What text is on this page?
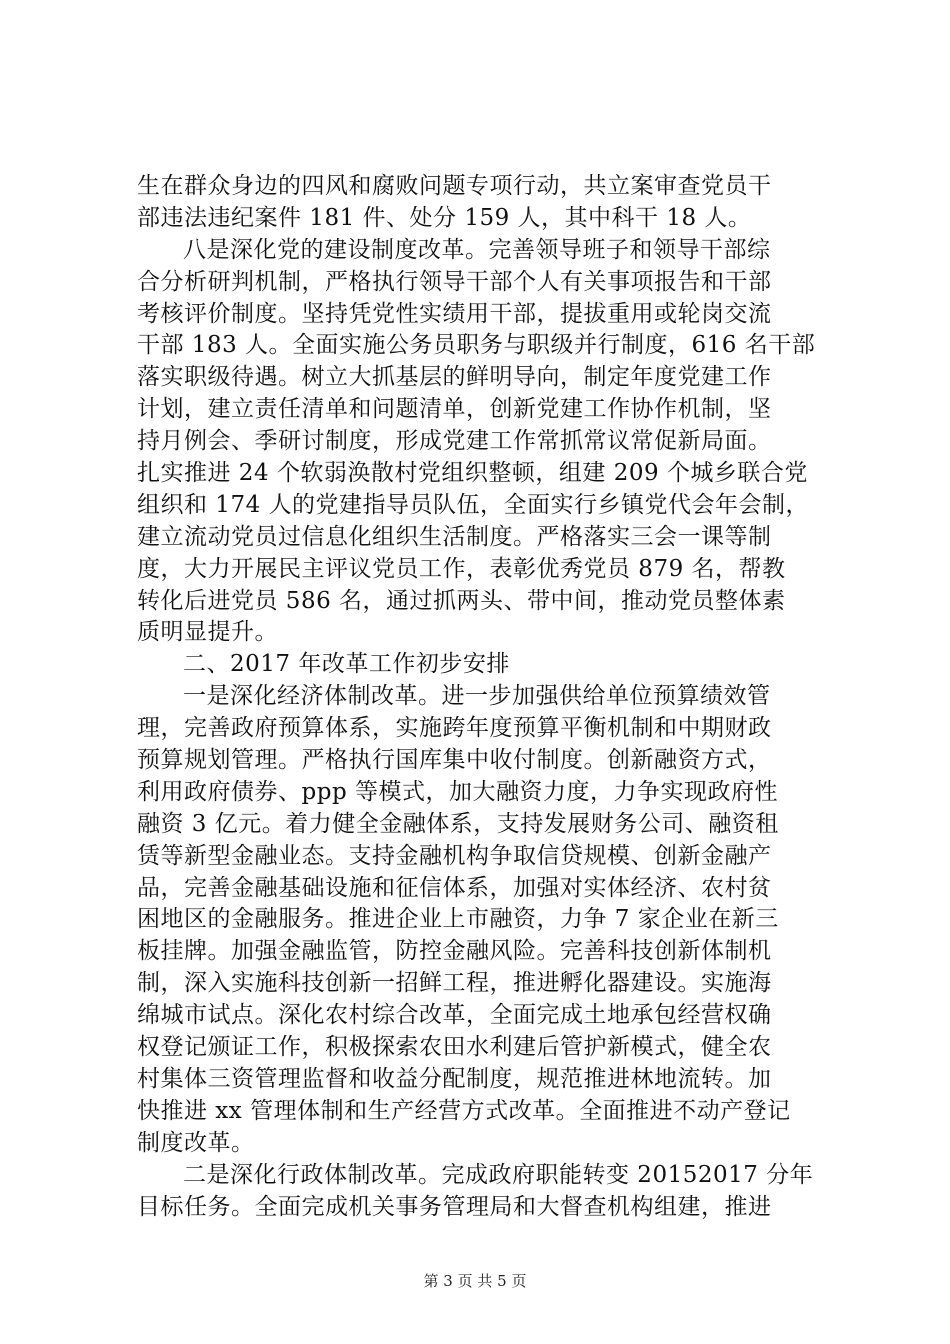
生在群众身边的四风和腐败问题专项行动，共立案审查党员干
部违法违纪案件 181 件、处分 159 人，其中科干 18 人。
八是深化党的建设制度改革。完善领导班子和领导干部综
合分析研判机制，严格执行领导干部个人有关事项报告和干部
考核评价制度。坚持凭党性实绩用干部，提拔重用或轮岗交流
干部 183 人。全面实施公务员职务与职级并行制度，616 名干部
落实职级待遇。树立大抓基层的鲜明导向，制定年度党建工作
计划，建立责任清单和问题清单，创新党建工作协作机制，坚
持月例会、季研讨制度，形成党建工作常抓常议常促新局面。
扎实推进 24 个软弱涣散村党组织整顿，组建 209 个城乡联合党
组织和 174 人的党建指导员队伍，全面实行乡镇党代会年会制，
建立流动党员过信息化组织生活制度。严格落实三会一课等制
度，大力开展民主评议党员工作，表彰优秀党员 879 名，帮教
转化后进党员 586 名，通过抓两头、带中间，推动党员整体素
质明显提升。
二、2017 年改革工作初步安排
一是深化经济体制改革。进一步加强供给单位预算绩效管
理，完善政府预算体系，实施跨年度预算平衡机制和中期财政
预算规划管理。严格执行国库集中收付制度。创新融资方式，
利用政府债券、ppp 等模式，加大融资力度，力争实现政府性
融资 3 亿元。着力健全金融体系，支持发展财务公司、融资租
赁等新型金融业态。支持金融机构争取信贷规模、创新金融产
品，完善金融基础设施和征信体系，加强对实体经济、农村贫
困地区的金融服务。推进企业上市融资，力争 7 家企业在新三
板挂牌。加强金融监管，防控金融风险。完善科技创新体制机
制，深入实施科技创新一招鲜工程，推进孵化器建设。实施海
绵城市试点。深化农村综合改革，全面完成土地承包经营权确
权登记颁证工作，积极探索农田水利建后管护新模式，健全农
村集体三资管理监督和收益分配制度，规范推进林地流转。加
快推进 xx 管理体制和生产经营方式改革。全面推进不动产登记
制度改革。
二是深化行政体制改革。完成政府职能转变 20152017 分年
目标任务。全面完成机关事务管理局和大督查机构组建，推进
第 3 页 共 5 页
